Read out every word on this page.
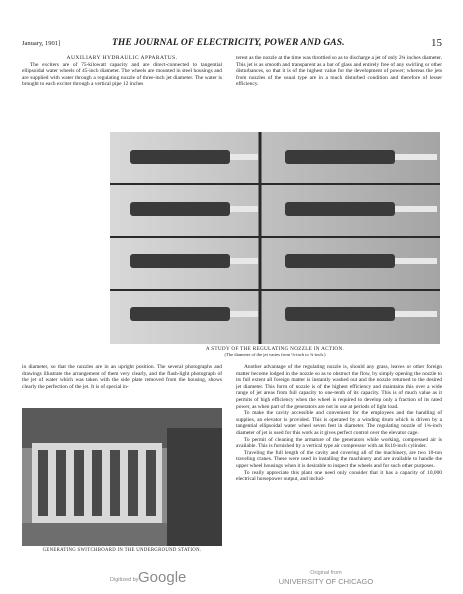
January, 1901]	THE JOURNAL OF ELECTRICITY, POWER AND GAS.	15

AUXILIARY HYDRAULIC APPARATUS.

The exciters are of 75-kilowatt capacity and are direct-connected to tangential ellipsoidal water wheels of 45-inch diameter. The wheels are mounted in steel housings and are supplied with water through a regulating nozzle of three-inch jet diameter. The water is brought to each exciter through a vertical pipe 12 inches

terest as the nozzle at the time was throttled so as to discharge a jet of only 2¾ inches diameter. This jet is as smooth and transparent as a bar of glass and entirely free of any swirling or other disturbances, so that it is of the highest value for the development of power; whereas the jets from nozzles of the usual type are in a much disturbed condition and therefore of lesser efficiency.

A STUDY OF THE REGULATING NOZZLE IN ACTION.
(The diameter of the jet varies from ⅛-inch to ¾-inch.)

in diameter, so that the nozzles are in an upright position. The several photographs and drawings illustrate the arrangement of them very clearly, and the flash-light photograph of the jet of water which was taken with the side plate removed from the housing, shows clearly the perfection of the jet. It is of special in-

GENERATING SWITCHBOARD IN THE UNDERGROUND STATION.

Another advantage of the regulating nozzle is, should any grass, leaves or other foreign matter become lodged in the nozzle so as to obstruct the flow, by simply opening the nozzle to its full extent all foreign matter is instantly washed out and the nozzle returned to the desired jet diameter. This form of nozzle is of the highest efficiency and maintains this over a wide range of jet areas from full capacity to one-tenth of its capacity. This is of much value as it permits of high efficiency when the wheel is required to develop only a fraction of its rated power, as when part of the generators are not in use at periods of light load.

To make the cavity accessible and convenient for the employees and the handling of supplies, an elevator is provided. This is operated by a winding drum which is driven by a tangential ellipsoidal water wheel seven feet in diameter. The regulating nozzle of 1¾-inch diameter of jet is used for this work as it gives perfect control over the elevator cage.

To permit of cleaning the armature of the generators while working, compressed air is available. This is furnished by a vertical type air compressor with an 8x10-inch cylinder.

Traveling the full length of the cavity and covering all of the machinery, are two 10-ton traveling cranes. These were used in installing the machinery and are available to handle the upper wheel housings when it is desirable to inspect the wheels and for such other purposes.

To really appreciate this plant one need only consider that it has a capacity of 10,000 electrical horsepower output, and includ-

Digitized by Google	Original from
UNIVERSITY OF CHICAGO
